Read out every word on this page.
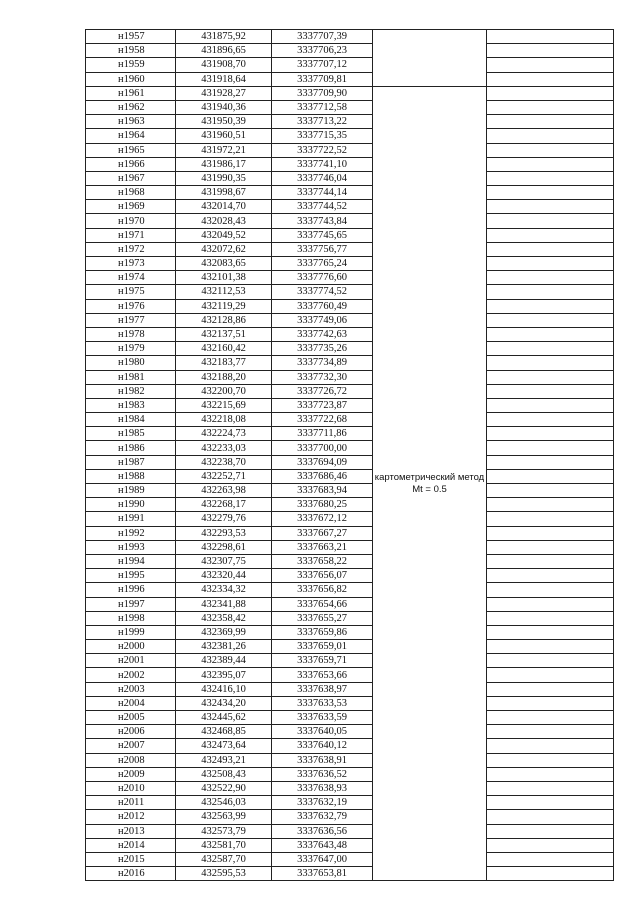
н1957	431875,92	3337707,39		
н1958	431896,65	3337706,23		
н1959	431908,70	3337707,12		
н1960	431918,64	3337709,81		
н1961	431928,27	3337709,90	картометрический метод Mt = 0.5	
н1962	431940,36	3337712,58		
н1963	431950,39	3337713,22		
н1964	431960,51	3337715,35		
н1965	431972,21	3337722,52		
н1966	431986,17	3337741,10		
н1967	431990,35	3337746,04		
н1968	431998,67	3337744,14		
н1969	432014,70	3337744,52		
н1970	432028,43	3337743,84		
н1971	432049,52	3337745,65		
н1972	432072,62	3337756,77		
н1973	432083,65	3337765,24		
н1974	432101,38	3337776,60		
н1975	432112,53	3337774,52		
н1976	432119,29	3337760,49		
н1977	432128,86	3337749,06		
н1978	432137,51	3337742,63		
н1979	432160,42	3337735,26		
н1980	432183,77	3337734,89		
н1981	432188,20	3337732,30		
н1982	432200,70	3337726,72		
н1983	432215,69	3337723,87		
н1984	432218,08	3337722,68		
н1985	432224,73	3337711,86		
н1986	432233,03	3337700,00		
н1987	432238,70	3337694,09		
н1988	432252,71	3337686,46		
н1989	432263,98	3337683,94		
н1990	432268,17	3337680,25		
н1991	432279,76	3337672,12		
н1992	432293,53	3337667,27		
н1993	432298,61	3337663,21		
н1994	432307,75	3337658,22		
н1995	432320,44	3337656,07		
н1996	432334,32	3337656,82		
н1997	432341,88	3337654,66		
н1998	432358,42	3337655,27		
н1999	432369,99	3337659,86		
н2000	432381,26	3337659,01		
н2001	432389,44	3337659,71		
н2002	432395,07	3337653,66		
н2003	432416,10	3337638,97		
н2004	432434,20	3337633,53		
н2005	432445,62	3337633,59		
н2006	432468,85	3337640,05		
н2007	432473,64	3337640,12		
н2008	432493,21	3337638,91		
н2009	432508,43	3337636,52		
н2010	432522,90	3337638,93		
н2011	432546,03	3337632,19		
н2012	432563,99	3337632,79		
н2013	432573,79	3337636,56		
н2014	432581,70	3337643,48		
н2015	432587,70	3337647,00		
н2016	432595,53	3337653,81		
